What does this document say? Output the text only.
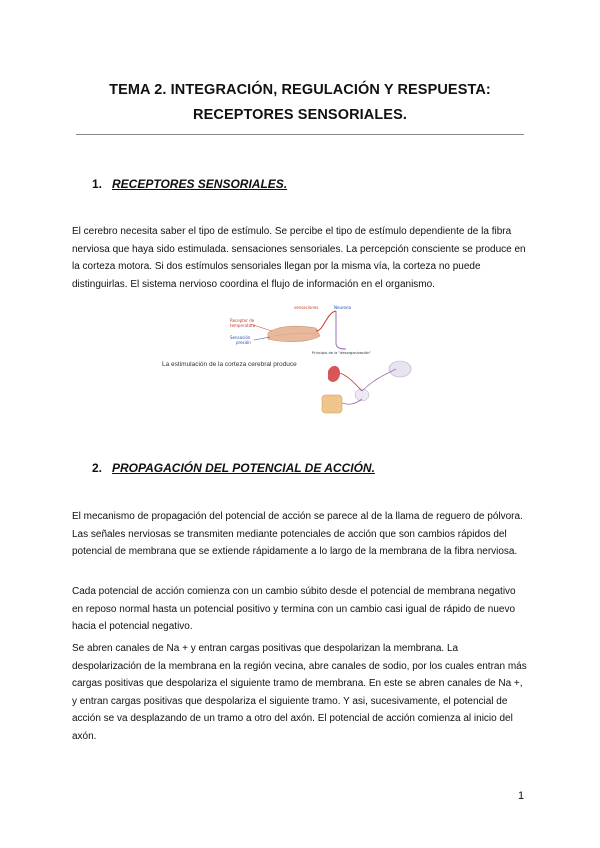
TEMA 2. INTEGRACIÓN, REGULACIÓN Y RESPUESTA:
RECEPTORES SENSORIALES.
1. RECEPTORES SENSORIALES.

El cerebro necesita saber el tipo de estímulo. Se percibe el tipo de estímulo dependiente de la fibra nerviosa que haya sido estimulada. sensaciones sensoriales. La percepción consciente se produce en la corteza motora. Si dos estímulos sensoriales llegan por la misma vía, la corteza no puede distinguirlas. El sistema nervioso coordina el flujo de información en el organismo.

Receptor de
temperatura
Sensación
presión
sensaciones	Neurona
Principio de la "desorganización"
La estimulación de la corteza cerebral produce
2. PROPAGACIÓN DEL POTENCIAL DE ACCIÓN.

El mecanismo de propagación del potencial de acción se parece al de la llama de reguero de pólvora. Las señales nerviosas se transmiten mediante potenciales de acción que son cambios rápidos del potencial de membrana que se extiende rápidamente a lo largo de la membrana de la fibra nerviosa.

Cada potencial de acción comienza con un cambio súbito desde el potencial de membrana negativo en reposo normal hasta un potencial positivo y termina con un cambio casi igual de rápido de nuevo hacia el potencial negativo.

Se abren canales de Na + y entran cargas positivas que despolarizan la membrana. La despolarización de la membrana en la región vecina, abre canales de sodio, por los cuales entran más cargas positivas que despolariza el siguiente tramo de membrana. En este se abren canales de Na +, y entran cargas positivas que despolariza el siguiente tramo. Y asi, sucesivamente, el potencial de acción se va desplazando de un tramo a otro del axón. El potencial de acción comienza al inicio del axón.

1
